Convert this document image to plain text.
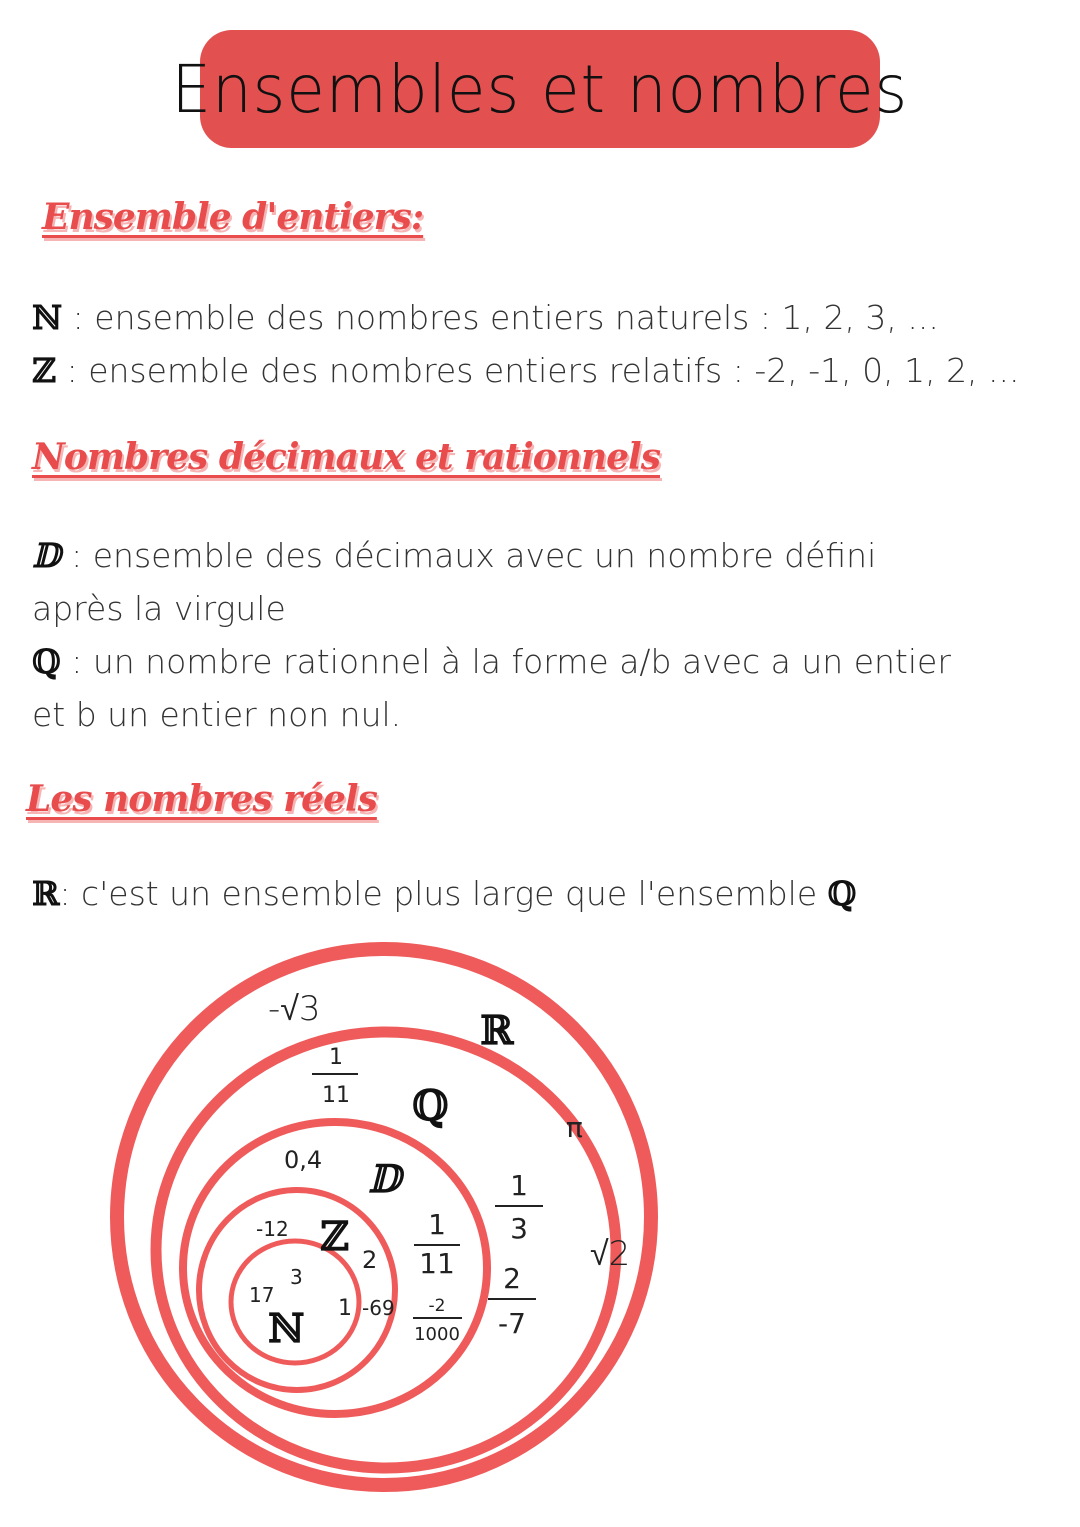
Ensembles et nombres
Ensemble d'entiers:
ℕ : ensemble des nombres entiers naturels : 1, 2, 3, ...
ℤ : ensemble des nombres entiers relatifs : -2, -1, 0, 1, 2, ...
Nombres décimaux et rationnels
𝔻 : ensemble des décimaux avec un nombre défini
après la virgule
ℚ : un nombre rationnel à la forme a/b avec a un entier
et b un entier non nul.
Les nombres réels
ℝ: c'est un ensemble plus large que l'ensemble ℚ
ℝ
ℚ
𝔻
ℤ
ℕ
-√3
π
√2
1
11
1
3
2
-7
0,4
1
11
-2
1000
-12
2
-69
3
17
1
